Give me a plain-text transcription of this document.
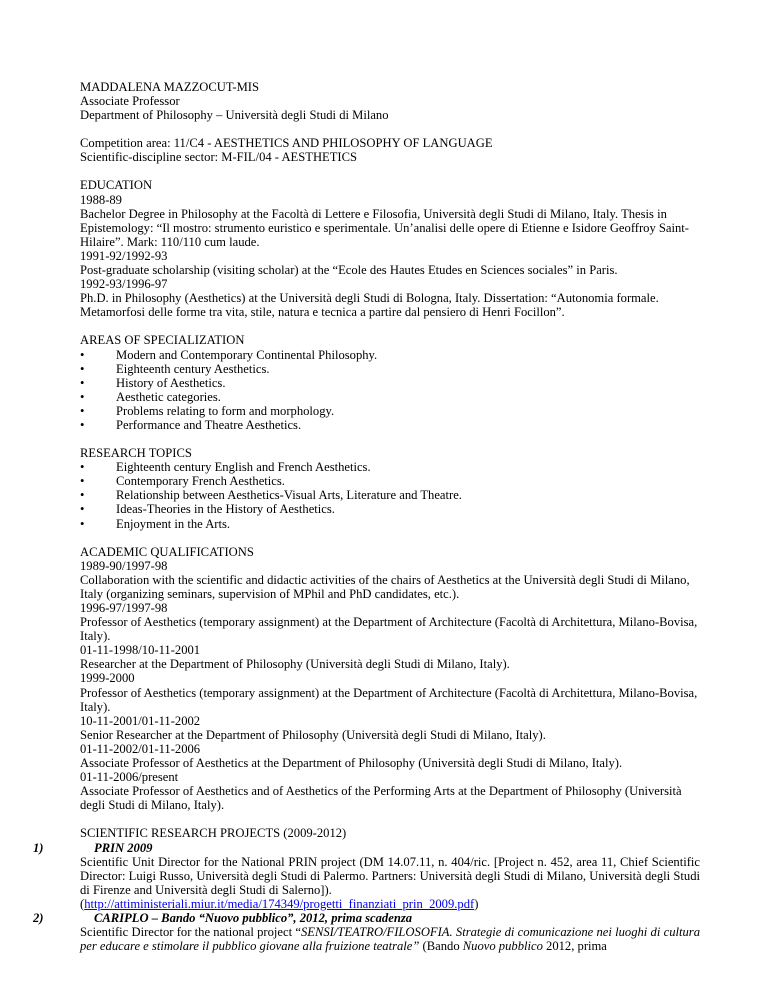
MADDALENA MAZZOCUT-MIS
Associate Professor
Department of Philosophy – Università degli Studi di Milano
Competition area: 11/C4 - AESTHETICS AND PHILOSOPHY OF LANGUAGE
Scientific-discipline sector: M-FIL/04 - AESTHETICS
EDUCATION
1988-89
Bachelor Degree in Philosophy at the Facoltà di Lettere e Filosofia, Università degli Studi di Milano, Italy. Thesis in Epistemology: “Il mostro: strumento euristico e sperimentale. Un’analisi delle opere di Etienne e Isidore Geoffroy Saint-Hilaire”. Mark: 110/110 cum laude.
1991-92/1992-93
Post-graduate scholarship (visiting scholar) at the “Ecole des Hautes Etudes en Sciences sociales” in Paris.
1992-93/1996-97
Ph.D. in Philosophy (Aesthetics) at the Università degli Studi di Bologna, Italy. Dissertation: “Autonomia formale. Metamorfosi delle forme tra vita, stile, natura e tecnica a partire dal pensiero di Henri Focillon”.
AREAS OF SPECIALIZATION
•	Modern and Contemporary Continental Philosophy.
•	Eighteenth century Aesthetics.
•	History of Aesthetics.
•	Aesthetic categories.
•	Problems relating to form and morphology.
•	Performance and Theatre Aesthetics.
RESEARCH TOPICS
•	Eighteenth century English and French Aesthetics.
•	Contemporary French Aesthetics.
•	Relationship between Aesthetics-Visual Arts, Literature and Theatre.
•	Ideas-Theories in the History of Aesthetics.
•	Enjoyment in the Arts.
ACADEMIC QUALIFICATIONS
1989-90/1997-98
Collaboration with the scientific and didactic activities of the chairs of Aesthetics at the Università degli Studi di Milano, Italy (organizing seminars, supervision of MPhil and PhD candidates, etc.).
1996-97/1997-98
Professor of Aesthetics (temporary assignment) at the Department of Architecture (Facoltà di Architettura, Milano-Bovisa, Italy).
01-11-1998/10-11-2001
Researcher at the Department of Philosophy (Università degli Studi di Milano, Italy).
1999-2000
Professor of Aesthetics (temporary assignment) at the Department of Architecture (Facoltà di Architettura, Milano-Bovisa, Italy).
10-11-2001/01-11-2002
Senior Researcher at the Department of Philosophy (Università degli Studi di Milano, Italy).
01-11-2002/01-11-2006
Associate Professor of Aesthetics at the Department of Philosophy (Università degli Studi di Milano, Italy).
01-11-2006/present
Associate Professor of Aesthetics and of Aesthetics of the Performing Arts at the Department of Philosophy (Università degli Studi di Milano, Italy).
SCIENTIFIC RESEARCH PROJECTS (2009-2012)
1)	PRIN 2009
Scientific Unit Director for the National PRIN project (DM 14.07.11, n. 404/ric. [Project n. 452, area 11, Chief Scientific Director: Luigi Russo, Università degli Studi di Palermo. Partners: Università degli Studi di Milano, Università degli Studi di Firenze and Università degli Studi di Salerno]).
(http://attiministeriali.miur.it/media/174349/progetti_finanziati_prin_2009.pdf)
2)	CARIPLO – Bando “Nuovo pubblico”, 2012, prima scadenza
Scientific Director for the national project “SENSI/TEATRO/FILOSOFIA. Strategie di comunicazione nei luoghi di cultura per educare e stimolare il pubblico giovane alla fruizione teatrale” (Bando Nuovo pubblico 2012, prima
